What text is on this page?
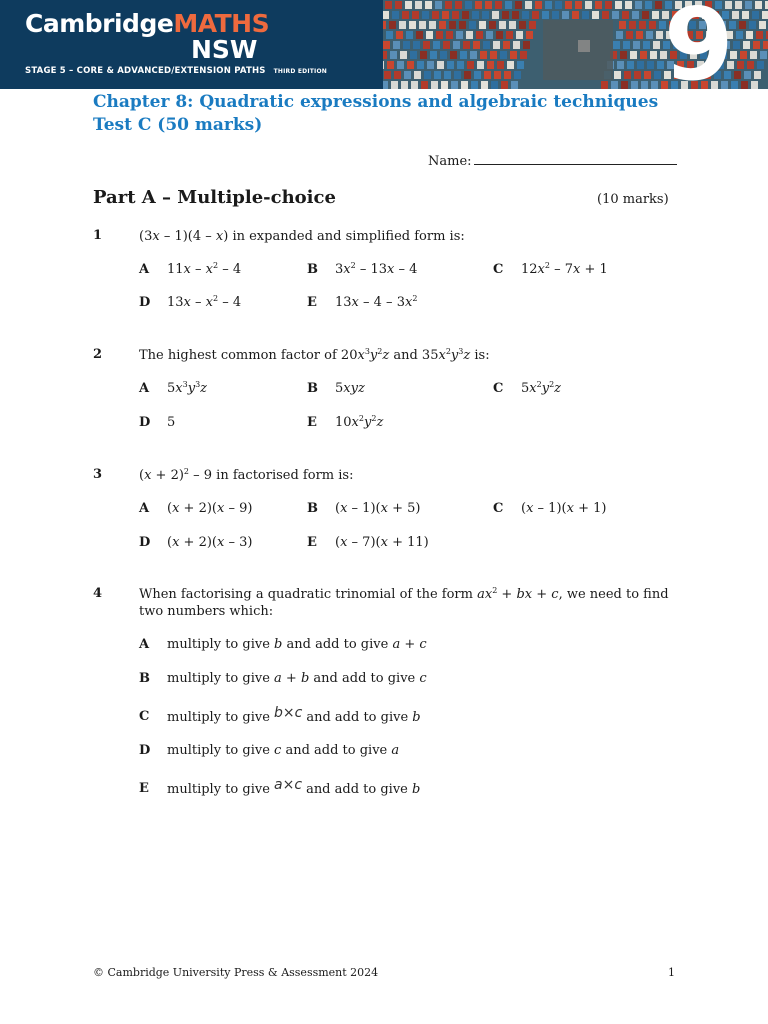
CambridgeMATHS
NSW
STAGE 5 – CORE & ADVANCED/EXTENSION PATHS THIRD EDITION	9
Chapter 8: Quadratic expressions and algebraic techniques
Test C (50 marks)
Name:
Part A – Multiple-choice	(10 marks)
1	(3x – 1)(4 – x) in expanded and simplified form is:
A $11x - x^2 - 4$	B $3x^2 - 13x - 4$	C $12x^2 - 7x + 1$
D $13x - x^2 - 4$	E $13x - 4 - 3x^2$
2	The highest common factor of $20x^3y^2z$ and $35x^2y^3z$ is:
A $5x^3y^3z$	B 5xyz	C $5x^2y^2z$
D 5	E $10x^2y^2z$
3	$(x + 2)^2 - 9$ in factorised form is:
A (x + 2)(x – 9)	B (x – 1)(x + 5)	C (x – 1)(x + 1)
D (x + 2)(x – 3)	E (x – 7)(x + 11)
4	When factorising a quadratic trinomial of the form $ax^2$ + bx + c, we need to find two numbers which:
A multiply to give b and add to give a + c
B multiply to give a + b and add to give c
C multiply to give b×c and add to give b
D multiply to give c and add to give a
E multiply to give a×c and add to give b
© Cambridge University Press & Assessment 2024	1
